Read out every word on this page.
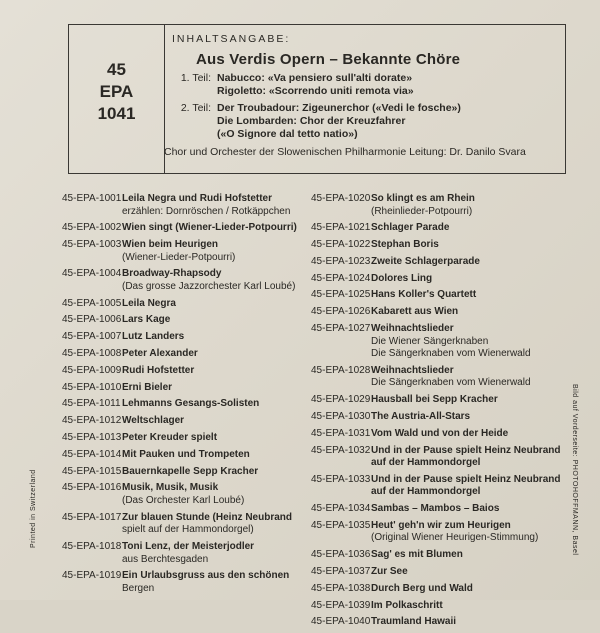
45
EPA
1041
INHALTSANGABE:
Aus Verdis Opern – Bekannte Chöre
1. Teil: Nabucco: «Va pensiero sull'alti dorate»
Rigoletto: «Scorrendo uniti remota via»
2. Teil: Der Troubadour: Zigeunerchor («Vedi le fosche»)
Die Lombarden: Chor der Kreuzfahrer
(«O Signore dal tetto natio»)
Chor und Orchester der Slowenischen Philharmonie Leitung: Dr. Danilo Svara
45-EPA-1001 Leila Negra und Rudi Hofstetter
erzählen: Dornröschen / Rotkäppchen
45-EPA-1002 Wien singt (Wiener-Lieder-Potpourri)
45-EPA-1003 Wien beim Heurigen
(Wiener-Lieder-Potpourri)
45-EPA-1004 Broadway-Rhapsody
(Das grosse Jazzorchester Karl Loubé)
45-EPA-1005 Leila Negra
45-EPA-1006 Lars Kage
45-EPA-1007 Lutz Landers
45-EPA-1008 Peter Alexander
45-EPA-1009 Rudi Hofstetter
45-EPA-1010 Erni Bieler
45-EPA-1011 Lehmanns Gesangs-Solisten
45-EPA-1012 Weltschlager
45-EPA-1013 Peter Kreuder spielt
45-EPA-1014 Mit Pauken und Trompeten
45-EPA-1015 Bauernkapelle Sepp Kracher
45-EPA-1016 Musik, Musik, Musik
(Das Orchester Karl Loubé)
45-EPA-1017 Zur blauen Stunde (Heinz Neubrand
spielt auf der Hammondorgel)
45-EPA-1018 Toni Lenz, der Meisterjodler
aus Berchtesgaden
45-EPA-1019 Ein Urlaubsgruss aus den schönen
Bergen
45-EPA-1020 So klingt es am Rhein
(Rheinlieder-Potpourri)
45-EPA-1021 Schlager Parade
45-EPA-1022 Stephan Boris
45-EPA-1023 Zweite Schlagerparade
45-EPA-1024 Dolores Ling
45-EPA-1025 Hans Koller's Quartett
45-EPA-1026 Kabarett aus Wien
45-EPA-1027 Weihnachtslieder
Die Wiener Sängerknaben
Die Sängerknaben vom Wienerwald
45-EPA-1028 Weihnachtslieder
Die Sängerknaben vom Wienerwald
45-EPA-1029 Hausball bei Sepp Kracher
45-EPA-1030 The Austria-All-Stars
45-EPA-1031 Vom Wald und von der Heide
45-EPA-1032 Und in der Pause spielt Heinz Neubrand
auf der Hammondorgel
45-EPA-1033 Und in der Pause spielt Heinz Neubrand
auf der Hammondorgel
45-EPA-1034 Sambas – Mambos – Baios
45-EPA-1035 Heut' geh'n wir zum Heurigen
(Original Wiener Heurigen-Stimmung)
45-EPA-1036 Sag' es mit Blumen
45-EPA-1037 Zur See
45-EPA-1038 Durch Berg und Wald
45-EPA-1039 Im Polkaschritt
45-EPA-1040 Traumland Hawaii
Printed in Switzerland	Bild auf Vorderseite: PHOTOHOFFMANN, Basel
